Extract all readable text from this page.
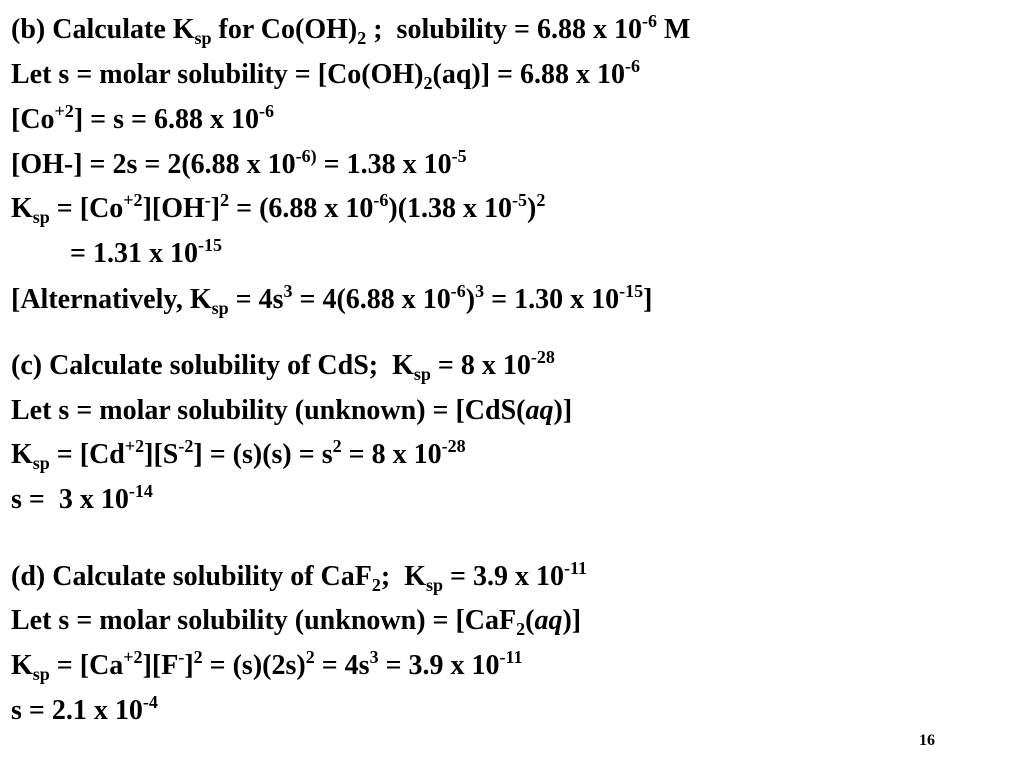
(b) Calculate $K_{sp}$ for $Co(OH)_2$ ;  solubility = 6.88 x $10^{-6}$ M
Let s = molar solubility = $[Co(OH)_2(aq)] = 6.88$ x $10^{-6}$
$[Co^{+2}] = s = 6.88$ x $10^{-6}$
[OH-] = 2s = 2(6.88 x $10^{-6)} = 1.38$ x $10^{-5}$
$K_{sp} = [Co^{+2}][OH^-]^2 = (6.88$ x $10^{-6})(1.38$ x $10^{-5})^2$
= 1.31 x $10^{-15}$
[Alternatively, $K_{sp} = 4s^3 = 4(6.88$ x $10^{-6})^3 = 1.30$ x $10^{-15}$]
(c) Calculate solubility of CdS;  $K_{sp} = 8$ x $10^{-28}$
Let s = molar solubility (unknown) = [CdS(aq)]
$K_{sp} = [Cd^{+2}][S^{-2}] = (s)(s) = s^2 = 8$ x $10^{-28}$
s =  3 x $10^{-14}$
(d) Calculate solubility of CaF$_2$;  $K_{sp} = 3.9$ x $10^{-11}$
Let s = molar solubility (unknown) = [CaF$_2$(aq)]
$K_{sp} = [Ca^{+2}][F^-]^2 = (s)(2s)^2 = 4s^3 = 3.9$ x $10^{-11}$
s = 2.1 x $10^{-4}$
16
